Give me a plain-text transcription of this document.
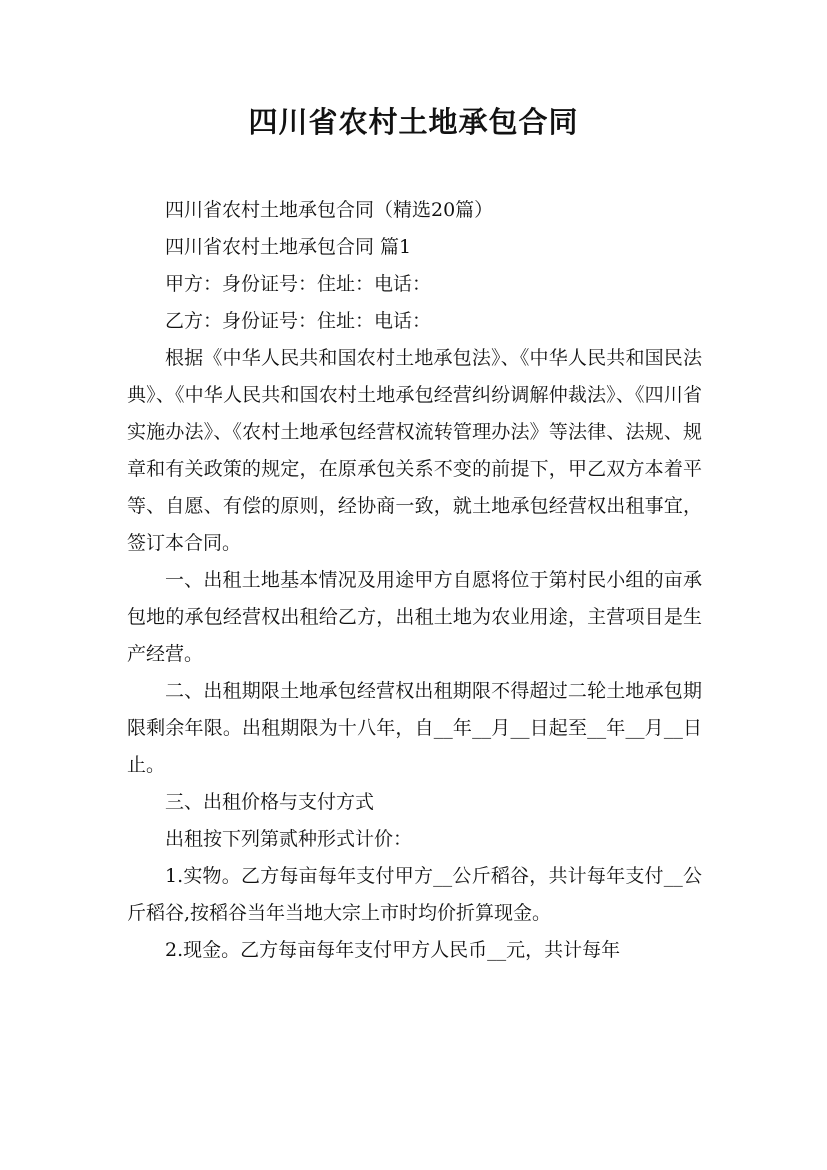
四川省农村土地承包合同

四川省农村土地承包合同（精选20篇）

四川省农村土地承包合同 篇1

甲方：身份证号：住址：电话：

乙方：身份证号：住址：电话：

根据《中华人民共和国农村土地承包法》、《中华人民共和国民法典》、《中华人民共和国农村土地承包经营纠纷调解仲裁法》、《四川省实施办法》、《农村土地承包经营权流转管理办法》等法律、法规、规章和有关政策的规定，在原承包关系不变的前提下，甲乙双方本着平等、自愿、有偿的原则，经协商一致，就土地承包经营权出租事宜，签订本合同。

一、出租土地基本情况及用途甲方自愿将位于第村民小组的亩承包地的承包经营权出租给乙方，出租土地为农业用途，主营项目是生产经营。

二、出租期限土地承包经营权出租期限不得超过二轮土地承包期限剩余年限。出租期限为十八年，自__年__月__日起至__年__月__日止。

三、出租价格与支付方式

出租按下列第贰种形式计价：

1.实物。乙方每亩每年支付甲方__公斤稻谷，共计每年支付__公斤稻谷,按稻谷当年当地大宗上市时均价折算现金。

2.现金。乙方每亩每年支付甲方人民币__元，共计每年
